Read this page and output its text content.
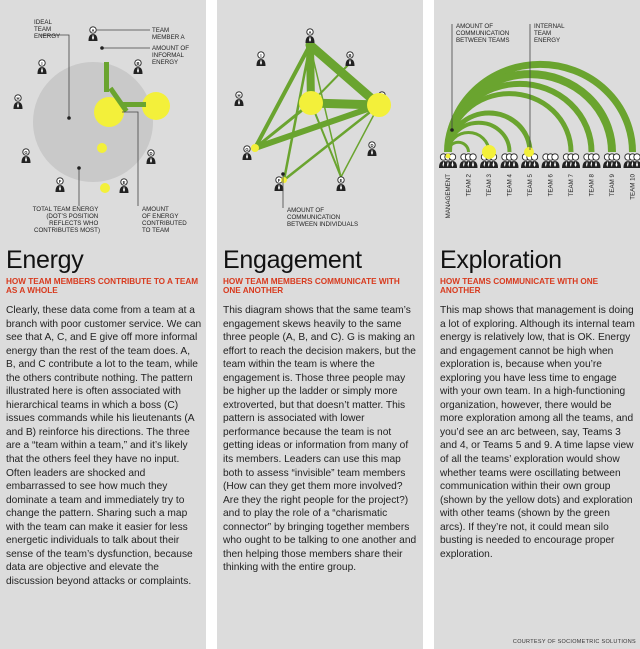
A
B
D
E
F
G
H
I
IDEAL TEAM ENERGY
TEAM MEMBER A
AMOUNT OF INFORMAL ENERGY
TOTAL TEAM ENERGY (DOT’S POSITION REFLECTS WHO CONTRIBUTES MOST)
AMOUNT OF ENERGY CONTRIBUTED TO TEAM
Energy
HOW TEAM MEMBERS CONTRIBUTE TO A TEAM AS A WHOLE
Clearly, these data come from a team at a branch with poor customer service. We can see that A, C, and E give off more informal energy than the rest of the team does. A, B, and C contribute a lot to the team, while the others contribute nothing. The pattern illustrated here is often associated with hierarchical teams in which a boss (C) issues commands while his lieutenants (A and B) reinforce his directions. The three are a “team within a team,” and it’s likely that the others feel they have no input. Often leaders are shocked and embarrassed to see how much they dominate a team and immediately try to change the pattern. Sharing such a map with the team can make it easier for less energetic individuals to talk about their sense of the team’s dysfunction, because data are objective and elevate the discussion beyond attacks or complaints.
A
B
D
E
F
G
H
I
AMOUNT OF COMMUNICATION BETWEEN INDIVIDUALS
Engagement
HOW TEAM MEMBERS COMMUNICATE WITH ONE ANOTHER
This diagram shows that the same team’s engagement skews heavily to the same three people (A, B, and C). G is making an effort to reach the decision makers, but the team within the team is where the engagement is. Those three people may be higher up the ladder or simply more extroverted, but that doesn’t matter. This pattern is associated with lower performance because the team is not getting ideas or information from many of its members. Leaders can use this map both to assess “invisible” team members (How can they get them more involved? Are they the right people for the project?) and to play the role of a “charismatic connector” by bringing together members who ought to be talking to one another and then helping those members share their thinking with the entire group.
AMOUNT OF COMMUNICATION BETWEEN TEAMS
INTERNAL TEAM ENERGY
MANAGEMENT TEAM 2 TEAM 3 TEAM 4 TEAM 5 TEAM 6 TEAM 7 TEAM 8 TEAM 9 TEAM 10
Exploration
HOW TEAMS COMMUNICATE WITH ONE ANOTHER
This map shows that management is doing a lot of exploring. Although its internal team energy is relatively low, that is OK. Energy and engagement cannot be high when exploration is, because when you’re exploring you have less time to engage with your own team. In a high-functioning organization, however, there would be more exploration among all the teams, and you’d see an arc between, say, Teams 3 and 4, or Teams 5 and 9. A time lapse view of all the teams’ exploration would show whether teams were oscillating between communication within their own group (shown by the yellow dots) and exploration with other teams (shown by the green arcs). If they’re not, it could mean silo busting is needed to encourage proper exploration.
COURTESY OF SOCIOMETRIC SOLUTIONS
